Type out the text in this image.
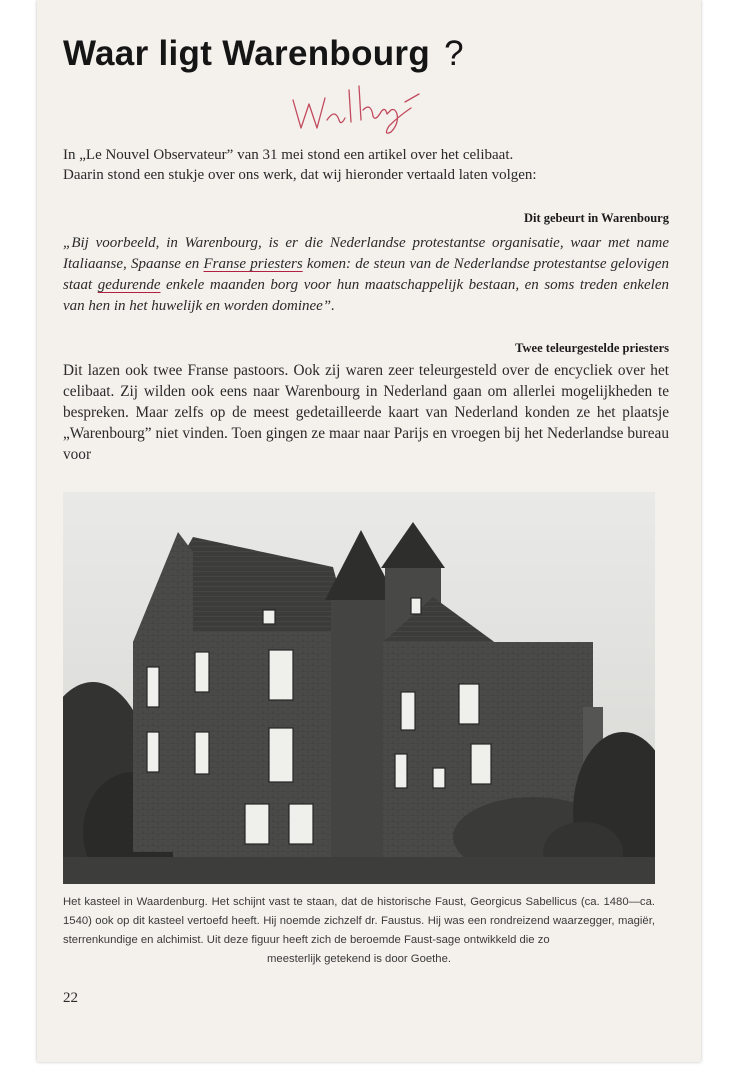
Waar ligt Warenbourg ?

In „Le Nouvel Observateur” van 31 mei stond een artikel over het celibaat.

Daarin stond een stukje over ons werk, dat wij hieronder vertaald laten volgen:

Dit gebeurt in Warenbourg

„Bij voorbeeld, in Warenbourg, is er die Nederlandse protestantse organisatie, waar met name Italiaanse, Spaanse en Franse priesters komen: de steun van de Nederlandse protestantse gelovigen staat gedurende enkele maanden borg voor hun maatschappelijk bestaan, en soms treden enkelen van hen in het huwelijk en worden dominee”.

Twee teleurgestelde priesters

Dit lazen ook twee Franse pastoors. Ook zij waren zeer teleurgesteld over de encycliek over het celibaat. Zij wilden ook eens naar Warenbourg in Nederland gaan om allerlei mogelijkheden te bespreken. Maar zelfs op de meest gedetailleerde kaart van Nederland konden ze het plaatsje „Warenbourg” niet vinden. Toen gingen ze maar naar Parijs en vroegen bij het Nederlandse bureau voor

Het kasteel in Waardenburg. Het schijnt vast te staan, dat de historische Faust, Georgicus Sabellicus (ca. 1480—ca. 1540) ook op dit kasteel vertoefd heeft. Hij noemde zichzelf dr. Faustus. Hij was een rondreizend waarzegger, magiër, sterrenkundige en alchimist. Uit deze figuur heeft zich de beroemde Faust-sage ontwikkeld die zo

meesterlijk getekend is door Goethe.

22
